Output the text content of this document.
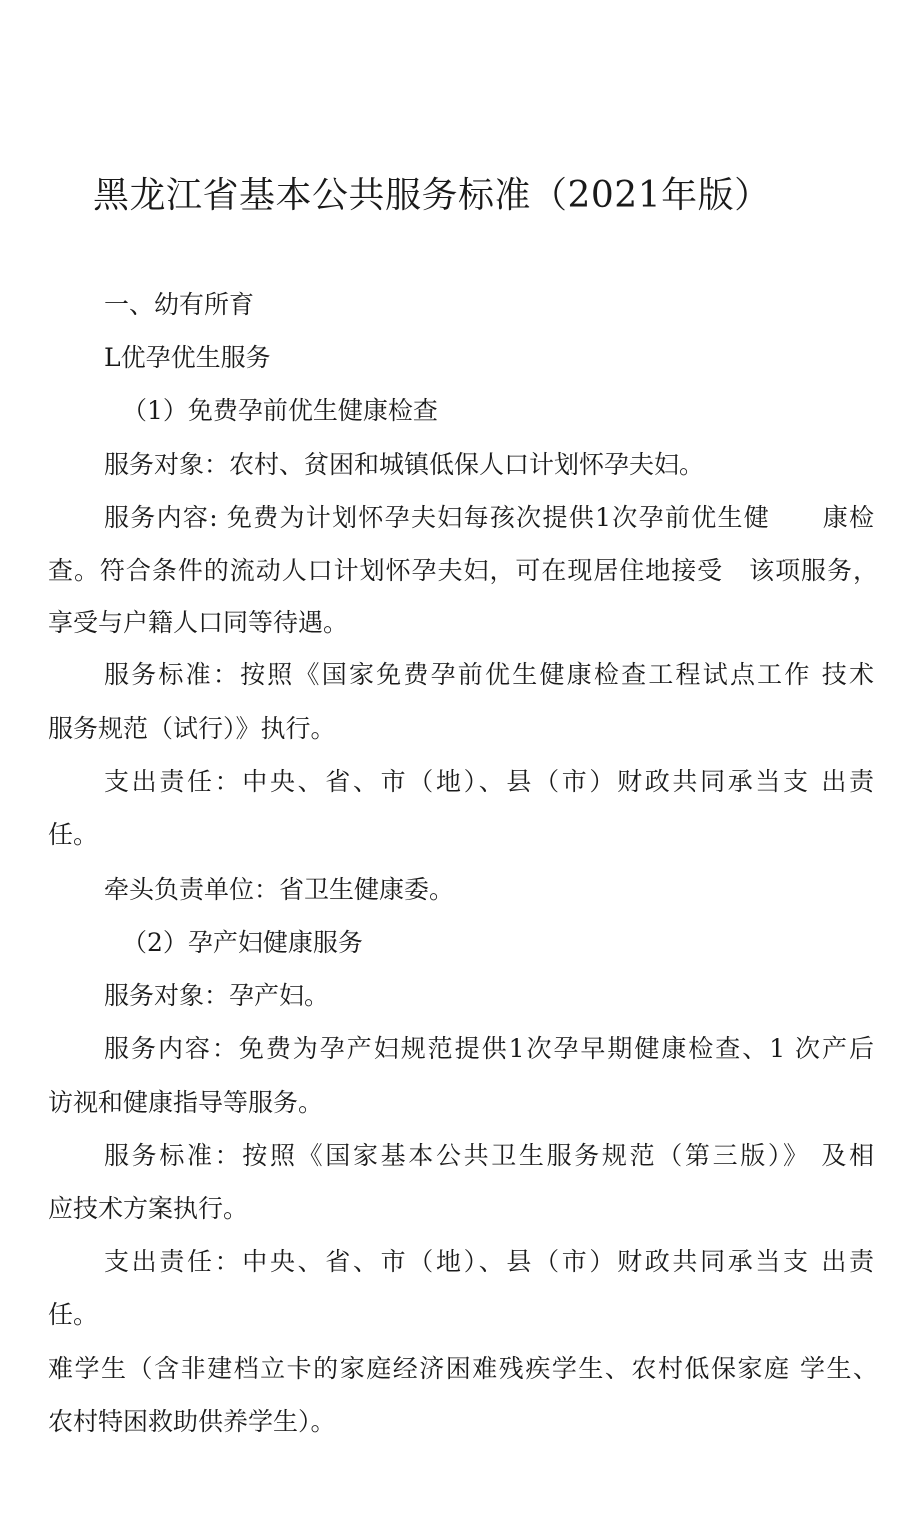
黑龙江省基本公共服务标准（2021年版）
一、幼有所育
L优孕优生服务
（1）免费孕前优生健康检查
服务对象：农村、贫困和城镇低保人口计划怀孕夫妇。
服务内容: 免费为计划怀孕夫妇每孩次提供1次孕前优生健　　康检
查。符合条件的流动人口计划怀孕夫妇，可在现居住地接受　该项服务，
享受与户籍人口同等待遇。
服务标准：按照《国家免费孕前优生健康检查工程试点工作 技术
服务规范（试行）》执行。
支出责任：中央、省、市（地）、县（市）财政共同承当支 出责
任。
牵头负责单位：省卫生健康委。
（2）孕产妇健康服务
服务对象：孕产妇。
服务内容：免费为孕产妇规范提供1次孕早期健康检查、1 次产后
访视和健康指导等服务。
服务标准：按照《国家基本公共卫生服务规范（第三版）》 及相
应技术方案执行。
支出责任：中央、省、市（地）、县（市）财政共同承当支 出责
任。
难学生（含非建档立卡的家庭经济困难残疾学生、农村低保家庭 学生、
农村特困救助供养学生）。
